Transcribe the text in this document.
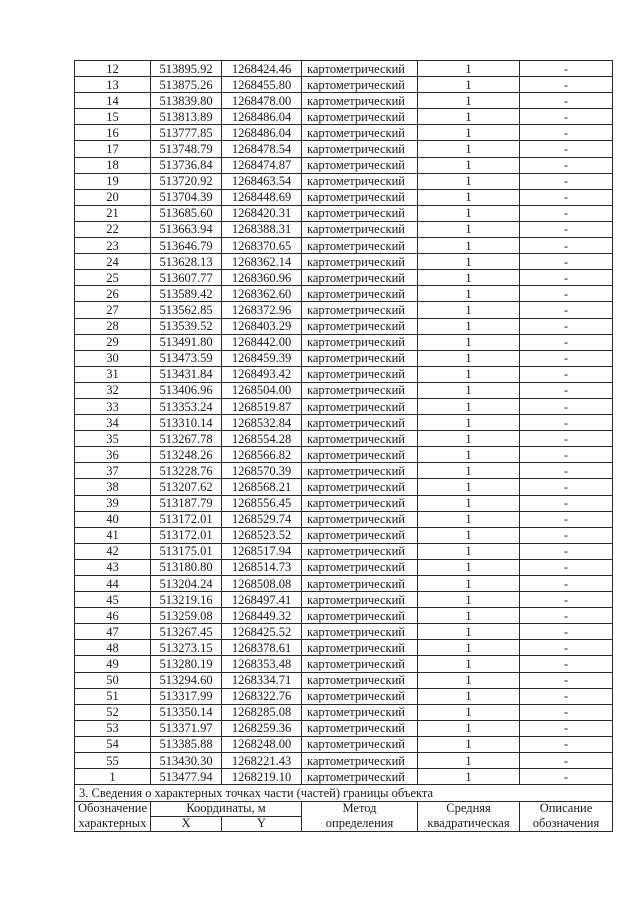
12	513895.92	1268424.46	картометрический	1	-
13	513875.26	1268455.80	картометрический	1	-
14	513839.80	1268478.00	картометрический	1	-
15	513813.89	1268486.04	картометрический	1	-
16	513777.85	1268486.04	картометрический	1	-
17	513748.79	1268478.54	картометрический	1	-
18	513736.84	1268474.87	картометрический	1	-
19	513720.92	1268463.54	картометрический	1	-
20	513704.39	1268448.69	картометрический	1	-
21	513685.60	1268420.31	картометрический	1	-
22	513663.94	1268388.31	картометрический	1	-
23	513646.79	1268370.65	картометрический	1	-
24	513628.13	1268362.14	картометрический	1	-
25	513607.77	1268360.96	картометрический	1	-
26	513589.42	1268362.60	картометрический	1	-
27	513562.85	1268372.96	картометрический	1	-
28	513539.52	1268403.29	картометрический	1	-
29	513491.80	1268442.00	картометрический	1	-
30	513473.59	1268459.39	картометрический	1	-
31	513431.84	1268493.42	картометрический	1	-
32	513406.96	1268504.00	картометрический	1	-
33	513353.24	1268519.87	картометрический	1	-
34	513310.14	1268532.84	картометрический	1	-
35	513267.78	1268554.28	картометрический	1	-
36	513248.26	1268566.82	картометрический	1	-
37	513228.76	1268570.39	картометрический	1	-
38	513207.62	1268568.21	картометрический	1	-
39	513187.79	1268556.45	картометрический	1	-
40	513172.01	1268529.74	картометрический	1	-
41	513172.01	1268523.52	картометрический	1	-
42	513175.01	1268517.94	картометрический	1	-
43	513180.80	1268514.73	картометрический	1	-
44	513204.24	1268508.08	картометрический	1	-
45	513219.16	1268497.41	картометрический	1	-
46	513259.08	1268449.32	картометрический	1	-
47	513267.45	1268425.52	картометрический	1	-
48	513273.15	1268378.61	картометрический	1	-
49	513280.19	1268353.48	картометрический	1	-
50	513294.60	1268334.71	картометрический	1	-
51	513317.99	1268322.76	картометрический	1	-
52	513350.14	1268285.08	картометрический	1	-
53	513371.97	1268259.36	картометрический	1	-
54	513385.88	1268248.00	картометрический	1	-
55	513430.30	1268221.43	картометрический	1	-
1	513477.94	1268219.10	картометрический	1	-
3. Сведения о характерных точках части (частей) границы объекта					
Обозначение	Координаты, м		Метод	Средняя	Описание
характерных	X	Y	определения	квадратическая	обозначения
